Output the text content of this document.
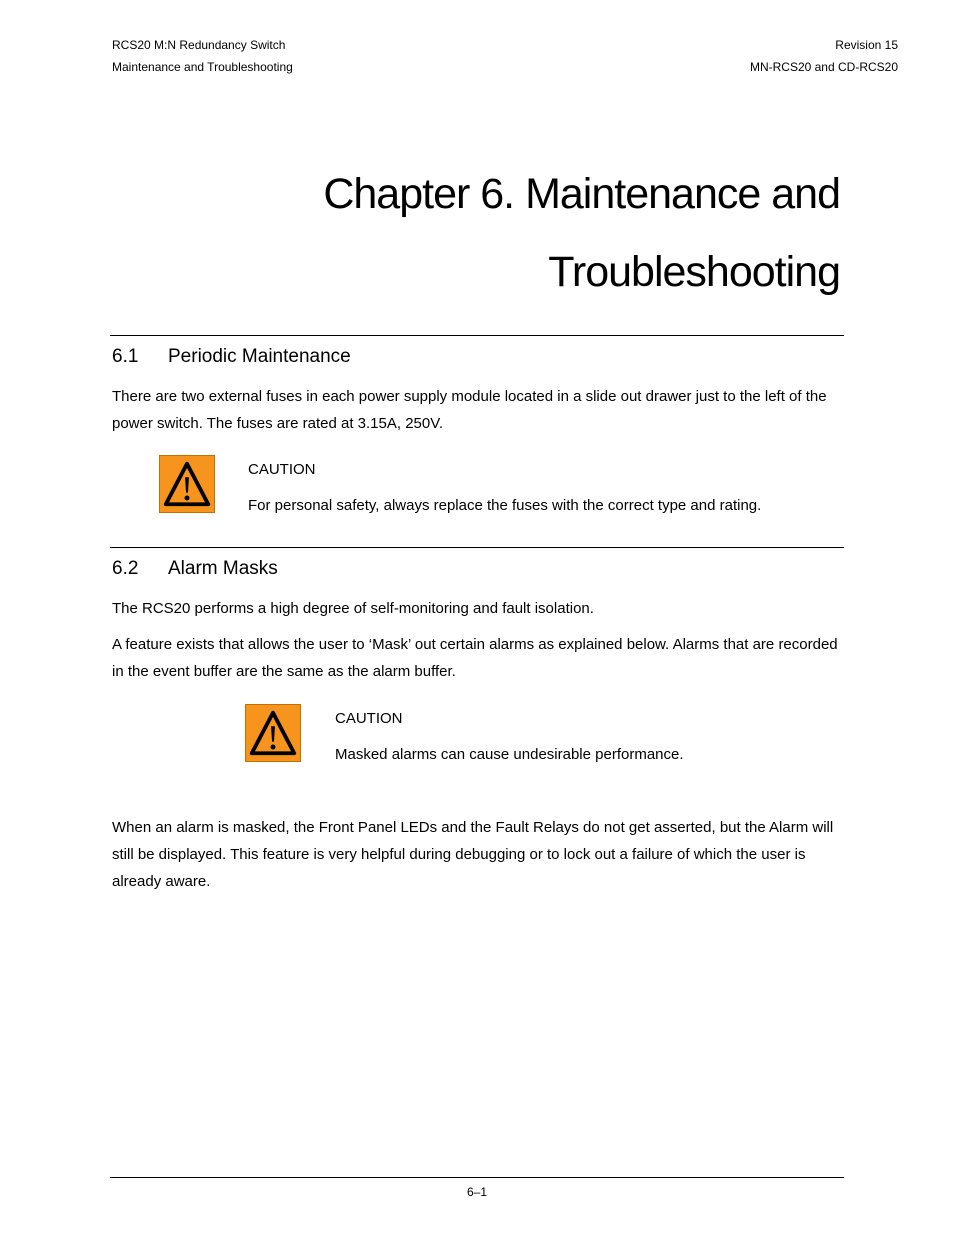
RCS20 M:N Redundancy Switch
Maintenance and Troubleshooting
Revision 15
MN-RCS20 and CD-RCS20
Chapter 6. Maintenance and
Troubleshooting
6.1 Periodic Maintenance

There are two external fuses in each power supply module located in a slide out drawer just to the left of the power switch. The fuses are rated at 3.15A, 250V.

CAUTION
For personal safety, always replace the fuses with the correct type and rating.
6.2 Alarm Masks

The RCS20 performs a high degree of self-monitoring and fault isolation.

A feature exists that allows the user to ‘Mask’ out certain alarms as explained below. Alarms that are recorded in the event buffer are the same as the alarm buffer.

CAUTION
Masked alarms can cause undesirable performance.

When an alarm is masked, the Front Panel LEDs and the Fault Relays do not get asserted, but the Alarm will still be displayed. This feature is very helpful during debugging or to lock out a failure of which the user is already aware.

6–1
